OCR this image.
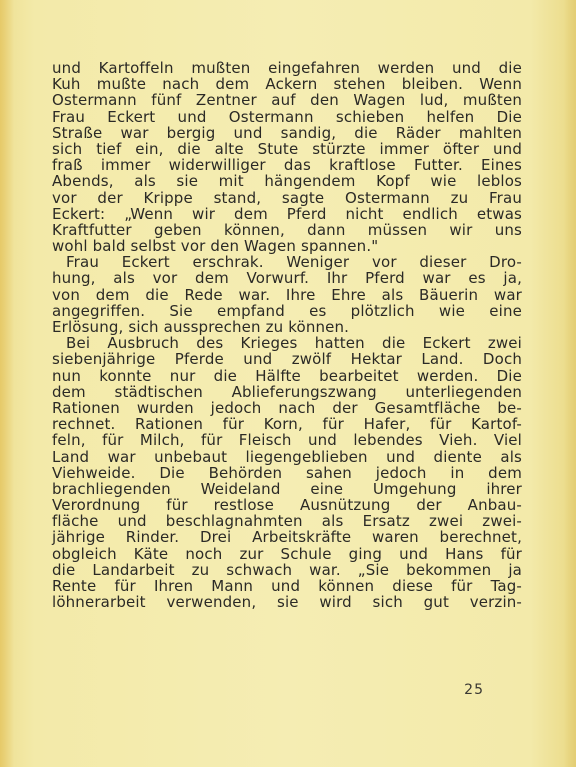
und Kartoffeln mußten eingefahren werden und die
Kuh mußte nach dem Ackern stehen bleiben. Wenn
Ostermann fünf Zentner auf den Wagen lud, mußten
Frau Eckert und Ostermann schieben helfen Die
Straße war bergig und sandig, die Räder mahlten
sich tief ein, die alte Stute stürzte immer öfter und
fraß immer widerwilliger das kraftlose Futter. Eines
Abends, als sie mit hängendem Kopf wie leblos
vor der Krippe stand, sagte Ostermann zu Frau
Eckert: „Wenn wir dem Pferd nicht endlich etwas
Kraftfutter geben können, dann müssen wir uns
wohl bald selbst vor den Wagen spannen."
Frau Eckert erschrak. Weniger vor dieser Dro-
hung, als vor dem Vorwurf. Ihr Pferd war es ja,
von dem die Rede war. Ihre Ehre als Bäuerin war
angegriffen. Sie empfand es plötzlich wie eine
Erlösung, sich aussprechen zu können.
Bei Ausbruch des Krieges hatten die Eckert zwei
siebenjährige Pferde und zwölf Hektar Land. Doch
nun konnte nur die Hälfte bearbeitet werden. Die
dem städtischen Ablieferungszwang unterliegenden
Rationen wurden jedoch nach der Gesamtfläche be-
rechnet. Rationen für Korn, für Hafer, für Kartof-
feln, für Milch, für Fleisch und lebendes Vieh. Viel
Land war unbebaut liegengeblieben und diente als
Viehweide. Die Behörden sahen jedoch in dem
brachliegenden Weideland eine Umgehung ihrer
Verordnung für restlose Ausnützung der Anbau-
fläche und beschlagnahmten als Ersatz zwei zwei-
jährige Rinder. Drei Arbeitskräfte waren berechnet,
obgleich Käte noch zur Schule ging und Hans für
die Landarbeit zu schwach war. „Sie bekommen ja
Rente für Ihren Mann und können diese für Tag-
löhnerarbeit verwenden, sie wird sich gut verzin-
25
